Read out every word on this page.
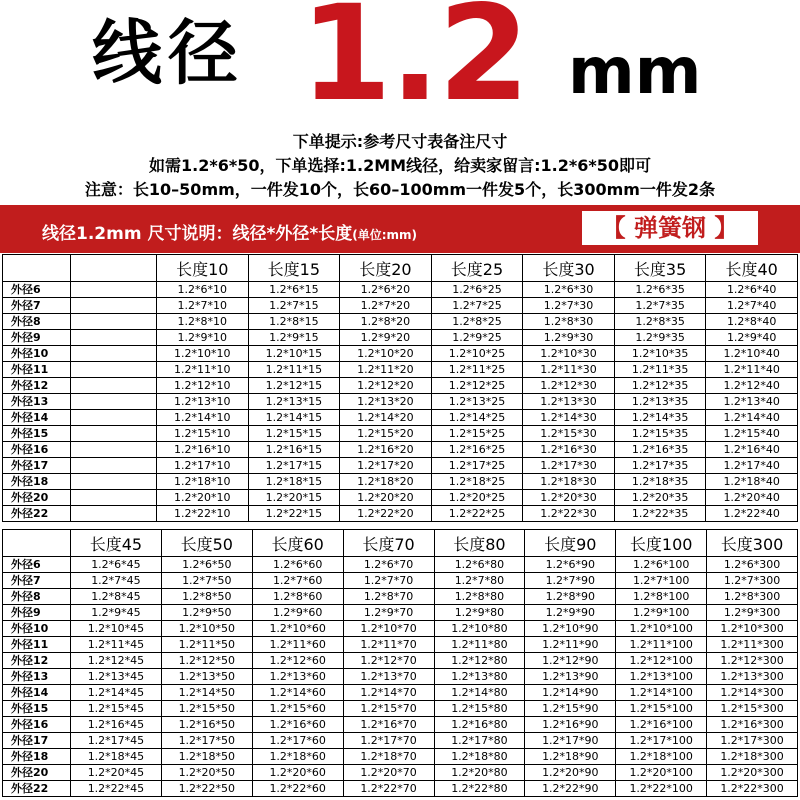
线径 1.2 mm
下单提示:参考尺寸表备注尺寸
如需1.2*6*50，下单选择:1.2MM线径，给卖家留言:1.2*6*50即可
注意：长10–50mm，一件发10个，长60–100mm一件发5个，长300mm一件发2条
线径1.2mm 尺寸说明：线径*外径*长度(单位:mm)	【 弹簧钢 】
		长度10	长度15	长度20	长度25	长度30	长度35	长度40
外径6		1.2*6*10	1.2*6*15	1.2*6*20	1.2*6*25	1.2*6*30	1.2*6*35	1.2*6*40
外径7		1.2*7*10	1.2*7*15	1.2*7*20	1.2*7*25	1.2*7*30	1.2*7*35	1.2*7*40
外径8		1.2*8*10	1.2*8*15	1.2*8*20	1.2*8*25	1.2*8*30	1.2*8*35	1.2*8*40
外径9		1.2*9*10	1.2*9*15	1.2*9*20	1.2*9*25	1.2*9*30	1.2*9*35	1.2*9*40
外径10		1.2*10*10	1.2*10*15	1.2*10*20	1.2*10*25	1.2*10*30	1.2*10*35	1.2*10*40
外径11		1.2*11*10	1.2*11*15	1.2*11*20	1.2*11*25	1.2*11*30	1.2*11*35	1.2*11*40
外径12		1.2*12*10	1.2*12*15	1.2*12*20	1.2*12*25	1.2*12*30	1.2*12*35	1.2*12*40
外径13		1.2*13*10	1.2*13*15	1.2*13*20	1.2*13*25	1.2*13*30	1.2*13*35	1.2*13*40
外径14		1.2*14*10	1.2*14*15	1.2*14*20	1.2*14*25	1.2*14*30	1.2*14*35	1.2*14*40
外径15		1.2*15*10	1.2*15*15	1.2*15*20	1.2*15*25	1.2*15*30	1.2*15*35	1.2*15*40
外径16		1.2*16*10	1.2*16*15	1.2*16*20	1.2*16*25	1.2*16*30	1.2*16*35	1.2*16*40
外径17		1.2*17*10	1.2*17*15	1.2*17*20	1.2*17*25	1.2*17*30	1.2*17*35	1.2*17*40
外径18		1.2*18*10	1.2*18*15	1.2*18*20	1.2*18*25	1.2*18*30	1.2*18*35	1.2*18*40
外径20		1.2*20*10	1.2*20*15	1.2*20*20	1.2*20*25	1.2*20*30	1.2*20*35	1.2*20*40
外径22		1.2*22*10	1.2*22*15	1.2*22*20	1.2*22*25	1.2*22*30	1.2*22*35	1.2*22*40
	长度45	长度50	长度60	长度70	长度80	长度90	长度100	长度300
外径6	1.2*6*45	1.2*6*50	1.2*6*60	1.2*6*70	1.2*6*80	1.2*6*90	1.2*6*100	1.2*6*300
外径7	1.2*7*45	1.2*7*50	1.2*7*60	1.2*7*70	1.2*7*80	1.2*7*90	1.2*7*100	1.2*7*300
外径8	1.2*8*45	1.2*8*50	1.2*8*60	1.2*8*70	1.2*8*80	1.2*8*90	1.2*8*100	1.2*8*300
外径9	1.2*9*45	1.2*9*50	1.2*9*60	1.2*9*70	1.2*9*80	1.2*9*90	1.2*9*100	1.2*9*300
外径10	1.2*10*45	1.2*10*50	1.2*10*60	1.2*10*70	1.2*10*80	1.2*10*90	1.2*10*100	1.2*10*300
外径11	1.2*11*45	1.2*11*50	1.2*11*60	1.2*11*70	1.2*11*80	1.2*11*90	1.2*11*100	1.2*11*300
外径12	1.2*12*45	1.2*12*50	1.2*12*60	1.2*12*70	1.2*12*80	1.2*12*90	1.2*12*100	1.2*12*300
外径13	1.2*13*45	1.2*13*50	1.2*13*60	1.2*13*70	1.2*13*80	1.2*13*90	1.2*13*100	1.2*13*300
外径14	1.2*14*45	1.2*14*50	1.2*14*60	1.2*14*70	1.2*14*80	1.2*14*90	1.2*14*100	1.2*14*300
外径15	1.2*15*45	1.2*15*50	1.2*15*60	1.2*15*70	1.2*15*80	1.2*15*90	1.2*15*100	1.2*15*300
外径16	1.2*16*45	1.2*16*50	1.2*16*60	1.2*16*70	1.2*16*80	1.2*16*90	1.2*16*100	1.2*16*300
外径17	1.2*17*45	1.2*17*50	1.2*17*60	1.2*17*70	1.2*17*80	1.2*17*90	1.2*17*100	1.2*17*300
外径18	1.2*18*45	1.2*18*50	1.2*18*60	1.2*18*70	1.2*18*80	1.2*18*90	1.2*18*100	1.2*18*300
外径20	1.2*20*45	1.2*20*50	1.2*20*60	1.2*20*70	1.2*20*80	1.2*20*90	1.2*20*100	1.2*20*300
外径22	1.2*22*45	1.2*22*50	1.2*22*60	1.2*22*70	1.2*22*80	1.2*22*90	1.2*22*100	1.2*22*300
